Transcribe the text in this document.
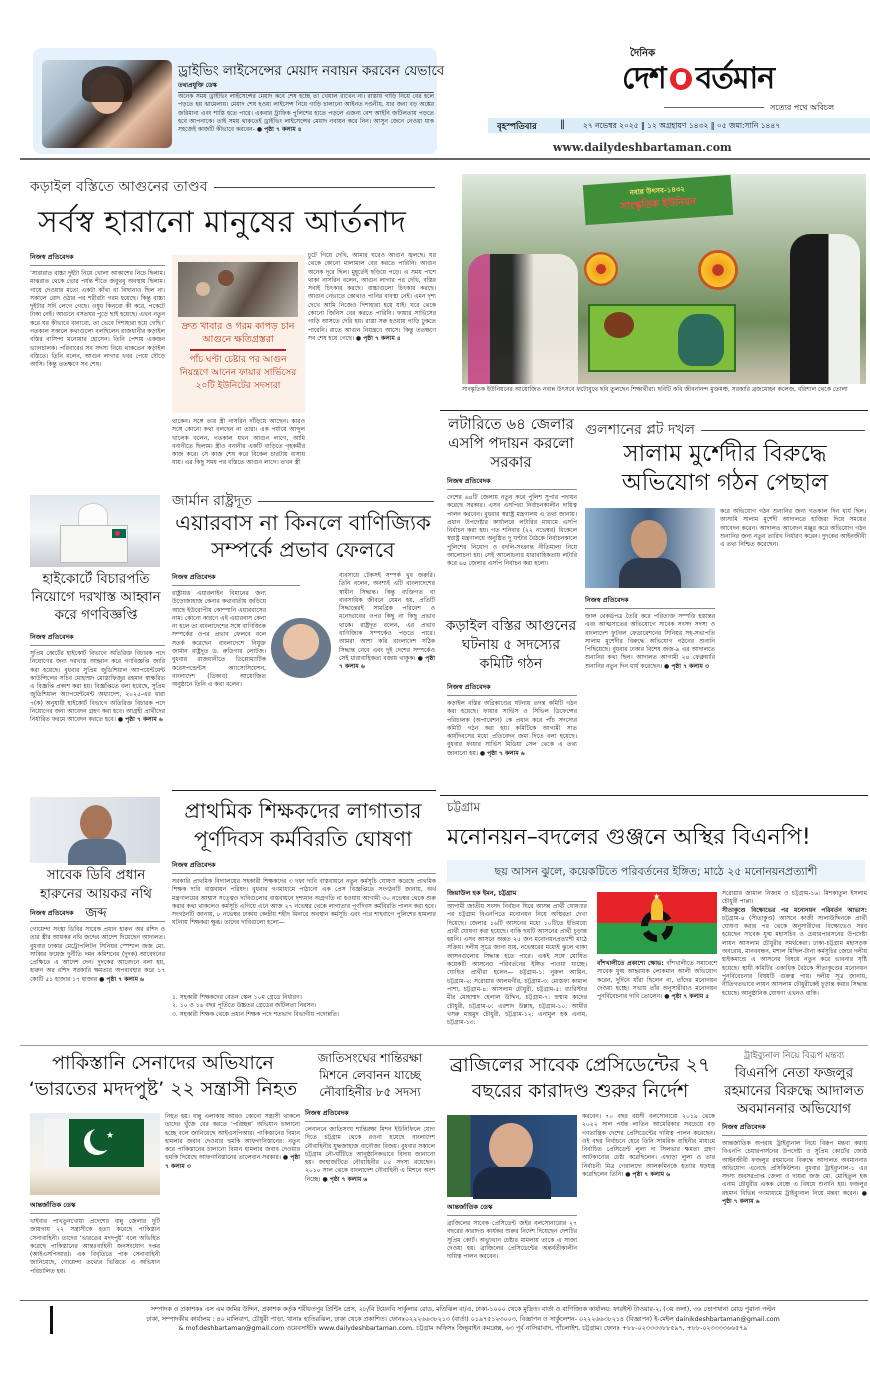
ড্রাইভিং লাইসেন্সের মেয়াদ নবায়ন করবেন যেভাবে
তথ্যপ্রযুক্তি ডেস্ক
অনেক সময় ড্রাইভিং লাইসেন্সের মেয়াদ কবে শেষ হচ্ছে তা খেয়াল রাখেন না। রাস্তায় গাড়ি নিয়ে বের হলে পড়তে হয় ঝামেলায়। মেয়াদ শেষ হওয়া লাইসেন্স নিয়ে গাড়ি চালানো আইনত দণ্ডনীয়, যার জন্য বড় অঙ্কের জরিমানা এবং শাস্তি হতে পারে। একবার ট্রাফিক পুলিশের হাতে পড়লে এজন্য বেশ আইনি জটিলতায় পড়তে হবে আপনাকে। তাই সময় থাকতেই ড্রাইভিং লাইসেন্সের মেয়াদ নবায়ন করে নিন। আসুন জেনে নেওয়া যাক সহজেই কাজটি কীভাবে করবেন- ● পৃষ্ঠা ৭ কলাম ৪
দৈনিক
দেশ বর্তমান
সত্যের পথে অবিচল
বৃহস্পতিবার ‖ ২৭ নভেম্বর ২০২৫ ‖ ১২ অগ্রহায়ণ ১৪৩২ ‖ ০৫ জমা:সানি ১৪৪৭
www.dailydeshbartaman.com
কড়াইল বস্তিতে আগুনের তাণ্ডব
সর্বস্ব হারানো মানুষের আর্তনাদ
নিজস্ব প্রতিবেদক
‘সারারাত বাচ্চা দুইটা নিয়ে খোলা আকাশের নিচে ছিলাম। মাঝরাত থেকে ভোর পর্যন্ত শীতে জবুথবু অবস্থায় ছিলাম। গায়ে দেওয়ার মতো একটা কাঁথা বা বিছানাও ছিল না। সকালে রোদ ওঠার পর শরীরটা গরম হয়েছে। কিন্তু বাচ্চা দুইটার সর্দি লেগে গেছে। ওষুধ কিনবো কী করে, পকেটে টাকা নেই। আগুনে বসতঘর পুড়ে ছাই হয়েছে। এখন নতুন করে ঘর কীভাবে বানাবো, তা ভেবে দিশাহারা হয়ে গেছি।’ গতকাল সকালে কথাগুলো বলছিলেন রাজধানীর কড়াইল বস্তির বাসিন্দা মনোয়ার হোসেন। তিনি পেশায় একজন ভ্যানচালক। পরিবারের সব সদস্য নিয়ে থাকতেন কড়াইল বস্তিতে। তিনি বলেন, আগুন লাগার খবর পেয়ে দৌড়ে আসি। কিন্তু ততক্ষণে সব শেষ।
দ্রুত খাবার ও গরম কাপড় চান আগুনে ক্ষতিগ্রস্তরা
পাঁচ ঘণ্টা চেষ্টার পর আগুন নিয়ন্ত্রণে আনেন ফায়ার সার্ভিসের ২০টি ইউনিটের সদস্যরা
থাকেন। সঙ্গে তার স্ত্রী নাসরিন দাঁড়িয়ে আছেন। কারও সঙ্গে কোনো কথা বলছেন না তারা। এক পর্যায়ে আব্দুল খালেক বলেন, গতকাল যখন আগুন লাগে, আমি বনানীতে ছিলাম। স্ত্রীও বনানীর একটি বাড়িতে গৃহকর্মীর কাজ করে। সে কাজ শেষ করে বিকেল চারটায় বাসায় যায়। এর কিছু সময় পর বস্তিতে আগুন লাগে। তখন স্ত্রী
চুটে গিয়ে দেখি, আমার ঘরেও আগুন জ্বলছে। ঘর থেকে কোনো মালামাল বের করতে পারিনি। আগুন অনেক দূরে ছিল। মুহূর্তেই ছড়িয়ে পড়ে। এ সময় পাশে থাকা নাসরিন বলেন, আগুন লাগার পর দেখি, বস্তির সবাই চিৎকার করছে। বাচ্চাগুলো চিৎকার করছে। আগুন নেভাতে কোথাও পানির ব্যবস্থা নেই। এমন দৃশ্য দেখে আমি নিজেও দিশাহারা হয়ে যাই। ঘরে থেকে কোনো জিনিস বের করতে পারিনি। ফায়ার সার্ভিসের গাড়ি আসতে দেরি হয়। রাস্তা সরু হওয়ায় গাড়ি ঢুকতে পারেনি। রাতে আগুন নিয়ন্ত্রণে আসে। কিন্তু ততক্ষণে সব শেষ হয়ে গেছে। ● পৃষ্ঠা ৭ কলাম ৪
নবান্ন উৎসব-১৪৩২
সাংস্কৃতিক ইউনিয়ন
সাংস্কৃতিক ইউনিয়নের আয়োজিত নবান্ন উৎসবে ফটোবুথে ছবি তুলছেন শিক্ষার্থীরা। ছবিটি কবি জীবনানন্দ মুক্তমঞ্চ, সরকারি ব্রজমোহন কলেজ, বরিশাল থেকে তোলা
লটারিতে ৬৪ জেলার এসপি পদায়ন করলো সরকার
নিজস্ব প্রতিবেদক
দেশের ৬৪টি জেলায় নতুন করে পুলিশ সুপার পদায়ন করেছে সরকার। এসব এসপিরা নির্বাচনকালীন দায়িত্ব পালন করবেন। বুধবার স্বরাষ্ট্র মন্ত্রণালয় এ তথ্য জানায়। প্রধান উপদেষ্টার কার্যালয়ে লটারির মাধ্যমে এসপি নির্বাচন করা হয়। গত শনিবার (২২ নভেম্বর) বিকেলে স্বরাষ্ট্র মন্ত্রণালয়ে অনুষ্ঠিত দু ঘণ্টার বৈঠকে নির্বাচনকালে পুলিশের নিয়োগ ও বদলি-সংক্রান্ত নীতিমালা নিয়ে আলোচনা হয়। সেই আলোচনার ধারাবাহিকতায় লটারি করে ৬৪ জেলার এসপি নির্বাচন করা হলো।
কড়াইল বস্তির আগুনের ঘটনায় ৫ সদস্যের কমিটি গঠন
নিজস্ব প্রতিবেদক
কড়াইল বস্তির অগ্নিকাণ্ডের ঘটনায় তদন্ত কমিটি গঠন করা হয়েছে। ফায়ার সার্ভিস ও সিভিল ডিফেন্সের পরিচালক (অপারেশন) কে প্রধান করে পাঁচ সদস্যের কমিটি গঠন করা হয়। কমিটিকে আগামী সাত কার্যদিবসের মধ্যে প্রতিবেদন জমা দিতে বলা হয়েছে। বুধবার ফায়ার সার্ভিস মিডিয়া সেল থেকে এ তথ্য জানানো হয়। ● পৃষ্ঠা ৭ কলাম ৬
গুলশানের প্লট দখল
সালাম মুর্শেদীর বিরুদ্ধে অভিযোগ গঠন পেছাল
করে অভিযোগ গঠন শুনানির জন্য গতকাল দিন ধার্য ছিল। আসামি সালাম মুর্শেদী আদালতে হাজিরা দিয়ে সময়ের আবেদন করেন। আদালত আবেদন মঞ্জুর করে অভিযোগ গঠন শুনানির জন্য নতুন তারিখ নির্ধারণ করেন। দুদকের আইনজীবী এ তথ্য নিশ্চিত করেছেন।
নিজস্ব প্রতিবেদক
জাল রেকর্ডপত্র তৈরি করে পরিত্যক্ত সম্পত্তি হস্তান্তর এবং আত্মসাতের অভিযোগে সাবেক সংসদ সদস্য ও বাংলাদেশ ফুটবল ফেডারেশনের সিনিয়র সহ-সভাপতি সালাম মুর্শেদীর বিরুদ্ধে অভিযোগ গঠনের শুনানি পিছিয়েছে। বুধবার ঢাকার বিশেষ জজ-৯ এর আদালতে শুনানির কথা ছিল। আদালত আগামী ২৪ ফেব্রুয়ারি শুনানির নতুন দিন ধার্য করেছেন। ● পৃষ্ঠা ৭ কলাম ৩
হাইকোর্টে বিচারপতি নিয়োগে দরখাস্ত আহ্বান করে গণবিজ্ঞপ্তি
নিজস্ব প্রতিবেদক
সুপ্রিম কোর্টের হাইকোর্ট বিভাগে অতিরিক্ত বিচারক পদে নিয়োগের জন্য দরখাস্ত আহ্বান করে গণবিজ্ঞপ্তি জারি করা হয়েছে। বুধবার সুপ্রিম জুডিশিয়াল অ্যাপয়েন্টমেন্ট কাউন্সিলের সচিব মোহাম্মদ মোস্তাফিজুর রহমান স্বাক্ষরিত এ বিজ্ঞপ্তি প্রকাশ করা হয়। বিজ্ঞপ্তিতে বলা হয়েছে, সুপ্রিম জুডিশিয়াল অ্যাপয়েন্টমেন্ট অধ্যাদেশ, ২০২৫-এর ধারা ৭(ক) অনুযায়ী হাইকোর্ট বিভাগে অতিরিক্ত বিচারক পদে নিয়োগের জন্য আবেদন গ্রহণ করা হবে। আগ্রহী প্রার্থীদের নির্ধারিত ফরমে আবেদন করতে হবে। ● পৃষ্ঠা ৭ কলাম ৬
জার্মান রাষ্ট্রদূত
এয়ারবাস না কিনলে বাণিজ্যিক সম্পর্কে প্রভাব ফেলবে
নিজস্ব প্রতিবেদক
রাষ্ট্রায়ত্ত এয়ারলাইন বিমানের জন্য উড়োজাহাজ কেনার কথাবার্তায় জড়িয়ে আছে ইউরোপীয় কোম্পানি এয়ারবাসের নাম। কোনো কারণে এই এয়ারবাস কেনা না হলে তা বাংলাদেশের সঙ্গে বাণিজ্যিক সম্পর্কের ওপর প্রভাব ফেলবে বলে সতর্ক করেছেন বাংলাদেশে নিযুক্ত জার্মান রাষ্ট্রদূত ড. রুডিগার লোটজ। বুধবার রাজধানীতে ডিপ্লোম্যাটিক করেসপন্ডেন্টস অ্যাসোসিয়েশন, বাংলাদেশ (ডিকাব) আয়োজিত অনুষ্ঠানে তিনি এ কথা বলেন।
ব্যবসায়ে টেকসই সম্পর্ক খুব জরুরি। তিনি বলেন, অবশ্যই এটি বাংলাদেশের স্বাধীন সিদ্ধান্ত। কিন্তু ব্যক্তিগত বা ব্যবসায়িক জীবনে যেমন হয়, প্রতিটি সিদ্ধান্তেরই সামগ্রিক পরিবেশ ও মনোভাবের ওপর কিছু না কিছু প্রভাব থাকে। রাষ্ট্রদূত বলেন, এর প্রভাব বাণিজ্যিক সম্পর্কেও পড়তে পারে। আমরা আশা করি বাংলাদেশ সঠিক সিদ্ধান্ত নেবে এবং দুই দেশের সম্পর্কেও সেই ধারাবাহিকতা বজায় থাকুক। ● পৃষ্ঠা ৭ কলাম ৬
সাবেক ডিবি প্রধান হারুনের আয়কর নথি জব্দ
নিজস্ব প্রতিবেদক
গোয়েন্দা সংস্থা ডিবির সাবেক প্রধান হারুন অর রশিদ ও তার স্ত্রীর আয়কর নথি জব্দের আদেশ দিয়েছেন আদালত। বুধবার ঢাকার মেট্রোপলিটন সিনিয়র স্পেশাল জজ মো. সাব্বির ফয়েজ দুর্নীতি দমন কমিশনের (দুদক) আবেদনের প্রেক্ষিতে এ আদেশ দেন। দুদকের আবেদনে বলা হয়, হারুন অর রশিদ সরকারি ক্ষমতার অপব্যবহার করে ১৭ কোটি ৫১ হাজার ১৭ হাজার ● পৃষ্ঠা ৭ কলাম ৬
প্রাথমিক শিক্ষকদের লাগাতার পূর্ণদিবস কর্মবিরতি ঘোষণা
নিজস্ব প্রতিবেদক
সরকারি প্রাথমিক বিদ্যালয়ের সহকারী শিক্ষকদের ৩ দফা দাবি বাস্তবায়নে নতুন কর্মসূচি ঘোষণা করেছে প্রাথমিক শিক্ষক দাবি বাস্তবায়ন পরিষদ। বুধবার গণমাধ্যমে পাঠানো এক প্রেস বিজ্ঞপ্তিতে সংগঠনটি জানায়, অর্থ মন্ত্রণালয়ের আশ্বাস সত্ত্বেও দাবিগুলোর বাস্তবায়নে দৃশ্যমান অগ্রগতি না হওয়ায় আগামী ৩০ নভেম্বর থেকে শুরু করার কথা থাকলেও কর্মসূচি এগিয়ে এনে আজ ২৭ নভেম্বর থেকে লাগাতার পূর্ণদিবস কর্মবিরতি পালন করা হবে। সংগঠনটি জানায়, ৮ নভেম্বর ঢাকায় কেন্দ্রীয় শহীদ মিনারে অবস্থান কর্মসূচি এবং পরে শাহবাগে পুলিশের হামলার ঘটনায় শিক্ষকরা ক্ষুব্ধ। তাদের দাবিগুলো হলো—
১. সহকারী শিক্ষকদের বেতন স্কেল ১০ম গ্রেডে নির্ধারণ।
২. ১০ ও ১৬ বছর পূর্তিতে উচ্চতর গ্রেডের জটিলতা নিরসন।
৩. সহকারী শিক্ষক থেকে প্রধান শিক্ষক পদে শতভাগ বিভাগীয় পদোন্নতি।
চট্টগ্রাম
মনোনয়ন–বদলের গুঞ্জনে অস্থির বিএনপি!
ছয় আসন ঝুলে, কয়েকটিতে পরিবর্তনের ইঙ্গিত; মাঠে ২৫ মনোনয়নপ্রত্যাশী
জিয়াউল হক ইমন, চট্টগ্রাম
আগামী জাতীয় সংসদ নির্বাচন ঘিরে আসন্ন প্রার্থী ঘোষণার পর চট্টগ্রাম বিএনপিতে মনোনয়ন নিয়ে অস্থিরতা দেখা দিয়েছে। জেলার ১৬টি আসনের মধ্যে ১০টিতে ইতিমধ্যে প্রার্থী ঘোষণা করা হয়েছে। বাকি ছয়টি আসনের প্রার্থী চূড়ান্ত হয়নি। এসব আসনে অন্তত ২৫ জন মনোনয়নপ্রত্যাশী মাঠে সক্রিয়। দলীয় সূত্রে জানা যায়, নভেম্বরের মধ্যেই ঝুলে থাকা আসনগুলোর সিদ্ধান্ত হতে পারে। একই সঙ্গে ঘোষিত কয়েকটি আসনেও পরিবর্তনের ইঙ্গিত পাওয়া যাচ্ছে। ঘোষিত প্রার্থীরা হলেন— চট্টগ্রাম-১: নুরুল আমিন, চট্টগ্রাম-২: সরোয়ার আলমগীর, চট্টগ্রাম-৩: মোস্তফা কামাল পাশা, চট্টগ্রাম-৪: আসলাম চৌধুরী, চট্টগ্রাম-৫: ব্যারিস্টার মীর মোহাম্মদ হেলাল উদ্দিন, চট্টগ্রাম-৭: হুম্মাম কাদের চৌধুরী, চট্টগ্রাম-৮: এরশাদ উল্লাহ, চট্টগ্রাম-১০: আমীর খসরু মাহমুদ চৌধুরী, চট্টগ্রাম-১২: এনামুল হক এনাম, চট্টগ্রাম-১৩:
★	সরোয়ার জামাল নিজাম ও চট্টগ্রাম-১৬: মিশকাতুল ইসলাম চৌধুরী পাপ্পা।
সীতাকুণ্ডে বিক্ষোভের পর মনোনয়ন পরিবর্তন আভাস: চট্টগ্রাম-৪ (সীতাকুণ্ড) আসনে কাজী সালাউদ্দিনকে প্রার্থী ঘোষণা করার পর থেকে অনুসারীদের বিক্ষোভেও সরব হয়েছেন সাবেক যুগ্ম মহাসচিব ও চেয়ারপারসনের উপদেষ্টা লায়ন আসলাম চৌধুরীর সমর্থকেরা। ঢাকা-চট্টগ্রাম মহাসড়ক অবরোধ, মানববন্ধন, মশাল মিছিল-টানা কর্মসূচির জেরে দলীয় হাইকমান্ডে এ আসনের বিষয়ে নতুন করে ভাবনার সৃষ্টি হয়েছে। স্থায়ী কমিটির একাধিক বৈঠকে সীতাকুণ্ডের মনোনয়ন পুনর্বিবেচনার বিষয়টি গুরুত্ব পায়। দলীয় সূত্র জানায়, নীতিগতভাবে লায়ন আসলাম চৌধুরীকেই চূড়ান্ত করার সিদ্ধান্ত হয়েছে। আনুষ্ঠানিক ঘোষণা এখনও বাকি।
বাঁশখালীতে প্রকাশ্যে ক্ষোভ: বাঁশখালীতে সমাবেশে সাবেক যুগ্ম আহ্বায়ক লোকমান আলী অভিযোগ করেন, দুর্দিনে যাঁরা ছিলেন না, তাঁদের মনোনয়ন দেওয়া হচ্ছে। সভায় তাঁর অনুসারীরাও মনোনয়ন পুনর্বিবেচনার দাবি তোলেন। ● পৃষ্ঠা ৭ কলাম ৫
পাকিস্তানি সেনাদের অভিযানে ‘ভারতের মদদপুষ্ট’ ২২ সন্ত্রাসী নিহত
★
আন্তর্জাতিক ডেস্ক
খাইবার পাখতুনখোয়া প্রদেশের বান্নু জেলার দুটি জায়গায় ২২ সন্ত্রাসীকে হত্যা করেছে পাকিস্তান সেনাবাহিনী। তাদের ‘ভারতের মদদপুষ্ট’ বলে অভিহিত করেছে পাকিস্তানের আন্তঃবাহিনী জনসংযোগ দপ্তর (আইএসপিআর)। এক বিবৃতিতে পাক সেনাবাহিনী জানিয়েছে, গোয়েন্দা তথ্যের ভিত্তিতে এ অভিযান পরিচালিত হয়।
নিহত হয়। বান্নু এলাকায় আরও কোনো সন্ত্রাসী থাকলে তাদের খুঁজে বের করতে ‘পরিচ্ছন্ন’ অভিযান চালানো হচ্ছে বলে জানিয়েছে আইএসপিআর। পাকিস্তানের বিমান হামলার জবাব দেওয়ার হুমকি আফগানিস্তানের: নতুন করে পাকিস্তানের চালানো বিমান হামলার জবাব দেওয়ার হুমকি দিয়েছে আফগানিস্তানের তালেবান সরকার। ● পৃষ্ঠা ৭ কলাম ৩
জাতিসংঘের শান্তিরক্ষা মিশনে লেবানন যাচ্ছে নৌবাহিনীর ৮৫ সদস্য
নিজস্ব প্রতিবেদক
লেবাননে জাতিসংঘ শান্তিরক্ষা মিশন ইউনিফিলে যোগ দিতে চট্টগ্রাম থেকে রওনা হয়েছে বাংলাদেশ নৌবাহিনীর যুদ্ধজাহাজ বানৌজা বিজয়। বুধবার সকালে চট্টগ্রাম নৌ-ঘাঁটিতে আনুষ্ঠানিকভাবে বিদায় জানানো হয়। জাহাজটিতে নৌবাহিনীর ৮৫ সদস্য রয়েছেন। ২০১০ সাল থেকে বাংলাদেশ নৌবাহিনী এ মিশনে অংশ নিচ্ছে। ● পৃষ্ঠা ৭ কলাম ৬
ব্রাজিলের সাবেক প্রেসিডেন্টের ২৭ বছরের কারাদণ্ড শুরুর নির্দেশ
আন্তর্জাতিক ডেস্ক
ব্রাজিলের সাবেক প্রেসিডেন্ট জইর বলসোনারোর ২৭ বছরের কারাদণ্ড কার্যকর শুরুর নির্দেশ দিয়েছেন দেশটির সুপ্রিম কোর্ট। অভ্যুত্থান চেষ্টার মামলায় তাকে এ সাজা দেওয়া হয়। ব্রাজিলের প্রেসিডেন্টের অন্তর্বর্তীকালীন দায়িত্ব পালন করবেন।
করবেন। ৭০ বছর বয়সী বলসোনারো ২০১৯ থেকে ২০২২ সাল পর্যন্ত লাতিন আমেরিকার সবচেয়ে বড় গণতান্ত্রিক দেশের প্রেসিডেন্টের দায়িত্ব পালন করেছেন। ওই বছর নির্বাচনে হেরে তিনি সামরিক বাহিনীর মাধ্যমে নির্বাচিত প্রেসিডেন্ট লুলা দা সিলভার ক্ষমতা গ্রহণ আটকানোর চেষ্টা করেছিলেন। এছাড়া লুলা ও তার নির্বাচনী মিত্র গেরালদো আলকমিনকে হত্যার ষড়যন্ত্র করেছিলেন তিনি। ● পৃষ্ঠা ৭ কলাম ৬
ট্রাইব্যুনাল নিয়ে বিরূপ মন্তব্য
বিএনপি নেতা ফজলুর রহমানের বিরুদ্ধে আদালত অবমাননার অভিযোগ
নিজস্ব প্রতিবেদক
আন্তর্জাতিক অপরাধ ট্রাইব্যুনাল নিয়ে বিরূপ মন্তব্য করায় বিএনপি চেয়ারপার্সনের উপদেষ্টা ও সুপ্রিম কোর্টের জ্যেষ্ঠ আইনজীবী ফজলুর রহমানের বিরুদ্ধে আদালত অবমাননার অভিযোগ এনেছে প্রসিকিউশন। বুধবার ট্রাইব্যুনাল-১ এর সদস্য অবসরপ্রাপ্ত জেলা ও দায়রা জজ মো. মোহিতুল হক এনাম চৌধুরীর একক বেঞ্চে এ বিষয়ে শুনানি হয়। ফজলুর রহমান বিভিন্ন গণমাধ্যমে ট্রাইব্যুনাল নিয়ে মন্তব্য করেন। ● পৃষ্ঠা ৭ কলাম ৬
সম্পাদক ও প্রকাশকঃ এস এম জমির উদ্দিন, প্রকাশক কর্তৃক শরীয়তপুর প্রিন্টিং প্রেস, ২৮/বি টয়েনবি সার্কুলার রোড, মতিঝিল বা/এ, ঢাকা-১০০০ থেকে মুদ্রিত। বার্তা ও বাণিজ্যিক কার্যালয়: ফারইস্ট টাওয়ার-২, (৩য় তলা), ৩৬ তোপখানা রোড পুরানা পল্টন
ঢাকা, সম্পাদকীয় কার্যালয় : ৪০ মালিবাগ, চৌধুরী পাড়া, থানাঃ হাতিরঝিল, ঢাকা থেকে প্রকাশিত। ফোনঃ০২২২৬৬৩৮২১৩ (বার্তা) ০১৯৭৫১২৩০০৩, বিজ্ঞাপন ও সার্কুলেশন- ০২২২৬৬৩৮২১৪ (বিজ্ঞাপন) ই-মেইল dainikdeshbartaman@gmail.com
& mof.deshbartaman@gmail.com ওয়েবসাইটঃ www.dailydeshbartaman.com. চট্টগ্রাম অফিসঃ জিন্নুরাইন কমপ্লেক্স, ৬৩ পূর্ব নাসিরাবাদ, পাঁচলাইশ, চট্টগ্রাম। ফোনঃ +৮৮-০২৩৩৩৩৮৮৫৯৭, +৮৮-০২৩৩৩৩৬৬৫৭৯
